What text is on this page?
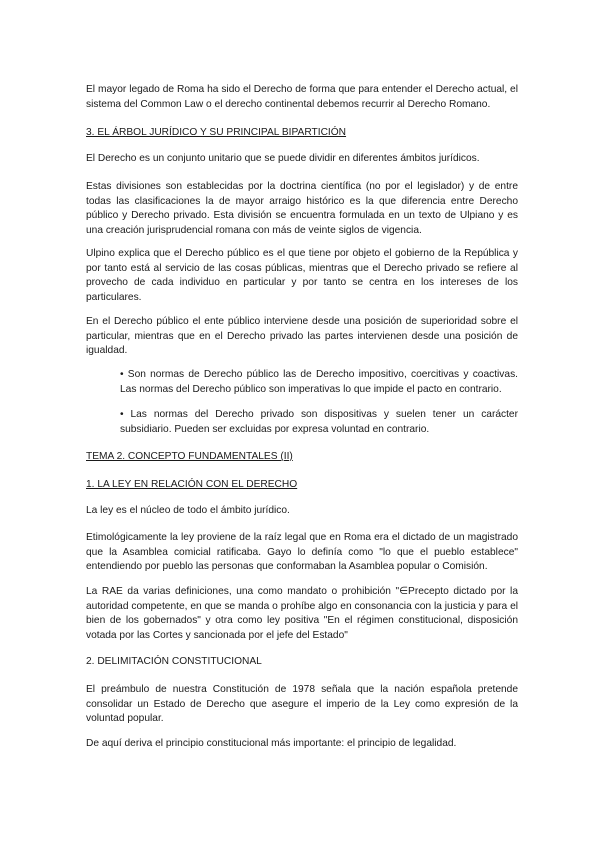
El mayor legado de Roma ha sido el Derecho de forma que para entender el Derecho actual, el sistema del Common Law o el derecho continental debemos recurrir al Derecho Romano.

3. EL ÁRBOL JURÍDICO Y SU PRINCIPAL BIPARTICIÓN

El Derecho es un conjunto unitario que se puede dividir en diferentes ámbitos jurídicos.

Estas divisiones son establecidas por la doctrina científica (no por el legislador) y de entre todas las clasificaciones la de mayor arraigo histórico es la que diferencia entre Derecho público y Derecho privado. Esta división se encuentra formulada en un texto de Ulpiano y es una creación jurisprudencial romana con más de veinte siglos de vigencia.

Ulpino explica que el Derecho público es el que tiene por objeto el gobierno de la República y por tanto está al servicio de las cosas públicas, mientras que el Derecho privado se refiere al provecho de cada individuo en particular y por tanto se centra en los intereses de los particulares.

En el Derecho público el ente público interviene desde una posición de superioridad sobre el particular, mientras que en el Derecho privado las partes intervienen desde una posición de igualdad.

• Son normas de Derecho público las de Derecho impositivo, coercitivas y coactivas. Las normas del Derecho público son imperativas lo que impide el pacto en contrario.

• Las normas del Derecho privado son dispositivas y suelen tener un carácter subsidiario. Pueden ser excluidas por expresa voluntad en contrario.

TEMA 2. CONCEPTO FUNDAMENTALES (II)

1. LA LEY EN RELACIÓN CON EL DERECHO

La ley es el núcleo de todo el ámbito jurídico.

Etimológicamente la ley proviene de la raíz legal que en Roma era el dictado de un magistrado que la Asamblea comicial ratificaba. Gayo lo definía como "lo que el pueblo establece" entendiendo por pueblo las personas que conformaban la Asamblea popular o Comisión.

La RAE da varias definiciones, una como mandato o prohibición "∈Precepto dictado por la autoridad competente, en que se manda o prohíbe algo en consonancia con la justicia y para el bien de los gobernados" y otra como ley positiva "En el régimen constitucional, disposición votada por las Cortes y sancionada por el jefe del Estado"

2. DELIMITACIÓN CONSTITUCIONAL

El preámbulo de nuestra Constitución de 1978 señala que la nación española pretende consolidar un Estado de Derecho que asegure el imperio de la Ley como expresión de la voluntad popular.

De aquí deriva el principio constitucional más importante: el principio de legalidad.
